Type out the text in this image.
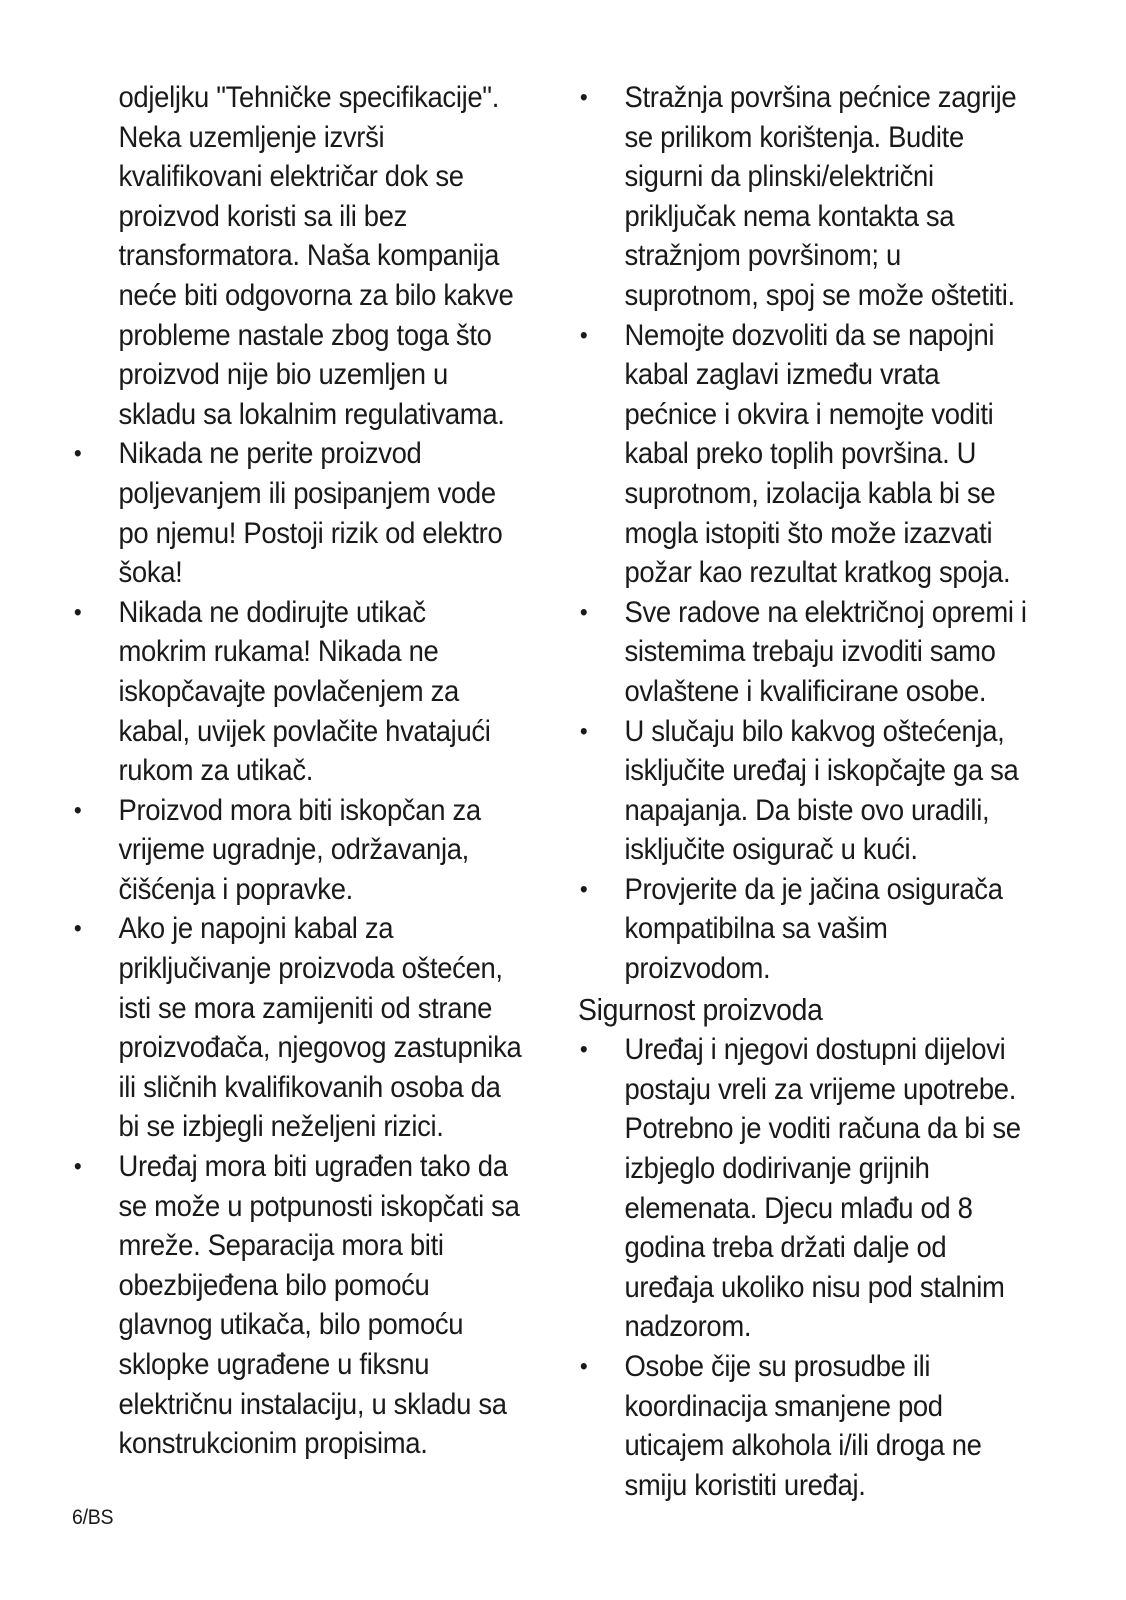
odjeljku "Tehničke specifikacije".
Neka uzemljenje izvrši
kvalifikovani električar dok se
proizvod koristi sa ili bez
transformatora. Naša kompanija
neće biti odgovorna za bilo kakve
probleme nastale zbog toga što
proizvod nije bio uzemljen u
skladu sa lokalnim regulativama.

•	Nikada ne perite proizvod
poljevanjem ili posipanjem vode
po njemu! Postoji rizik od elektro
šoka!
•	Nikada ne dodirujte utikač
mokrim rukama! Nikada ne
iskopčavajte povlačenjem za
kabal, uvijek povlačite hvatajući
rukom za utikač.
•	Proizvod mora biti iskopčan za
vrijeme ugradnje, održavanja,
čišćenja i popravke.
•	Ako je napojni kabal za
priključivanje proizvoda oštećen,
isti se mora zamijeniti od strane
proizvođača, njegovog zastupnika
ili sličnih kvalifikovanih osoba da
bi se izbjegli neželjeni rizici.
•	Uređaj mora biti ugrađen tako da
se može u potpunosti iskopčati sa
mreže. Separacija mora biti
obezbijeđena bilo pomoću
glavnog utikača, bilo pomoću
sklopke ugrađene u fiksnu
električnu instalaciju, u skladu sa
konstrukcionim propisima.
•	Stražnja površina pećnice zagrije
se prilikom korištenja. Budite
sigurni da plinski/električni
priključak nema kontakta sa
stražnjom površinom; u
suprotnom, spoj se može oštetiti.
•	Nemojte dozvoliti da se napojni
kabal zaglavi između vrata
pećnice i okvira i nemojte voditi
kabal preko toplih površina. U
suprotnom, izolacija kabla bi se
mogla istopiti što može izazvati
požar kao rezultat kratkog spoja.
•	Sve radove na električnoj opremi i
sistemima trebaju izvoditi samo
ovlaštene i kvalificirane osobe.
•	U slučaju bilo kakvog oštećenja,
isključite uređaj i iskopčajte ga sa
napajanja. Da biste ovo uradili,
isključite osigurač u kući.
•	Provjerite da je jačina osigurača
kompatibilna sa vašim
proizvodom.
Sigurnost proizvoda
•	Uređaj i njegovi dostupni dijelovi
postaju vreli za vrijeme upotrebe.
Potrebno je voditi računa da bi se
izbjeglo dodirivanje grijnih
elemenata. Djecu mlađu od 8
godina treba držati dalje od
uređaja ukoliko nisu pod stalnim
nadzorom.
•	Osobe čije su prosudbe ili
koordinacija smanjene pod
uticajem alkohola i/ili droga ne
smiju koristiti uređaj.
6/BS
